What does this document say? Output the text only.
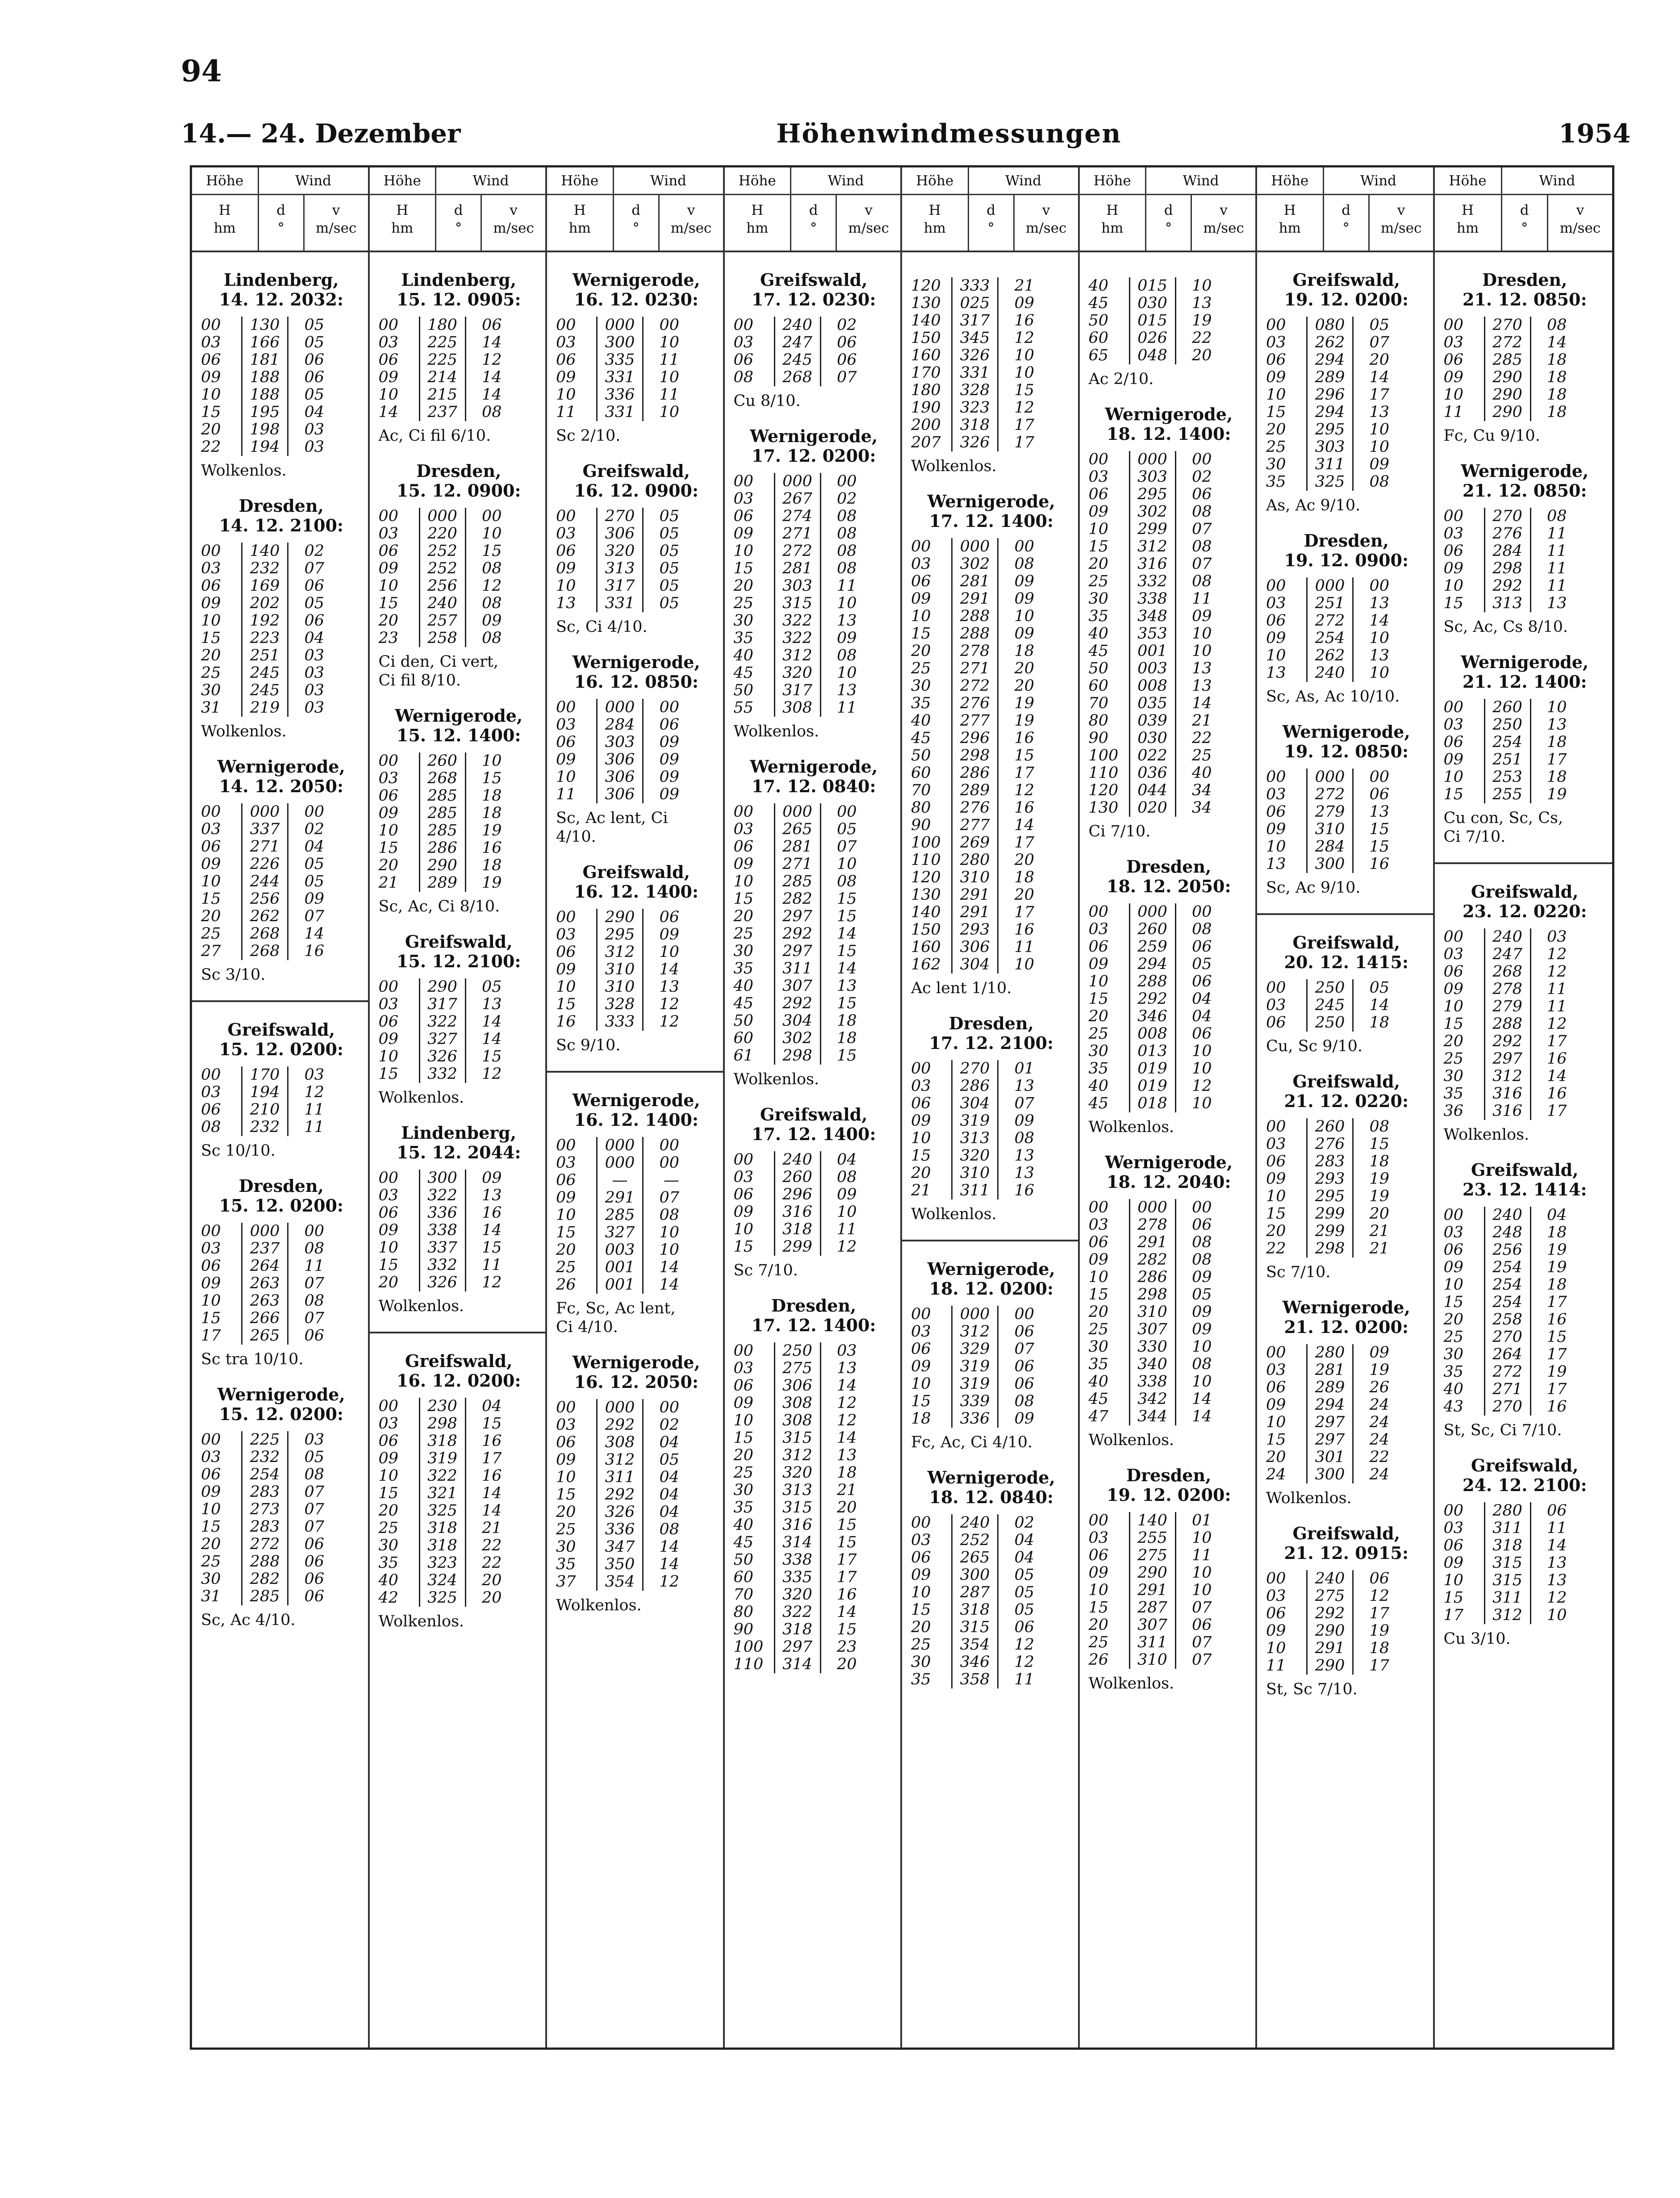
94
14.— 24. Dezember	Höhenwindmessungen	1954
Höhe	Wind
H
hm
d
°
v
m/sec
Lindenberg,
14. 12. 2032:
00	130	05
03	166	05
06	181	06
09	188	06
10	188	05
15	195	04
20	198	03
22	194	03
Wolkenlos.
Dresden,
14. 12. 2100:
00	140	02
03	232	07
06	169	06
09	202	05
10	192	06
15	223	04
20	251	03
25	245	03
30	245	03
31	219	03
Wolkenlos.
Wernigerode,
14. 12. 2050:
00	000	00
03	337	02
06	271	04
09	226	05
10	244	05
15	256	09
20	262	07
25	268	14
27	268	16
Sc 3/10.
Greifswald,
15. 12. 0200:
00	170	03
03	194	12
06	210	11
08	232	11
Sc 10/10.
Dresden,
15. 12. 0200:
00	000	00
03	237	08
06	264	11
09	263	07
10	263	08
15	266	07
17	265	06
Sc tra 10/10.
Wernigerode,
15. 12. 0200:
00	225	03
03	232	05
06	254	08
09	283	07
10	273	07
15	283	07
20	272	06
25	288	06
30	282	06
31	285	06
Sc, Ac 4/10.
Höhe	Wind
H
hm
d
°
v
m/sec
Lindenberg,
15. 12. 0905:
00	180	06
03	225	14
06	225	12
09	214	14
10	215	14
14	237	08
Ac, Ci fil 6/10.
Dresden,
15. 12. 0900:
00	000	00
03	220	10
06	252	15
09	252	08
10	256	12
15	240	08
20	257	09
23	258	08
Ci den, Ci vert,
Ci fil 8/10.
Wernigerode,
15. 12. 1400:
00	260	10
03	268	15
06	285	18
09	285	18
10	285	19
15	286	16
20	290	18
21	289	19
Sc, Ac, Ci 8/10.
Greifswald,
15. 12. 2100:
00	290	05
03	317	13
06	322	14
09	327	14
10	326	15
15	332	12
Wolkenlos.
Lindenberg,
15. 12. 2044:
00	300	09
03	322	13
06	336	16
09	338	14
10	337	15
15	332	11
20	326	12
Wolkenlos.
Greifswald,
16. 12. 0200:
00	230	04
03	298	15
06	318	16
09	319	17
10	322	16
15	321	14
20	325	14
25	318	21
30	318	22
35	323	22
40	324	20
42	325	20
Wolkenlos.
Höhe	Wind
H
hm
d
°
v
m/sec
Wernigerode,
16. 12. 0230:
00	000	00
03	300	10
06	335	11
09	331	10
10	336	11
11	331	10
Sc 2/10.
Greifswald,
16. 12. 0900:
00	270	05
03	306	05
06	320	05
09	313	05
10	317	05
13	331	05
Sc, Ci 4/10.
Wernigerode,
16. 12. 0850:
00	000	00
03	284	06
06	303	09
09	306	09
10	306	09
11	306	09
Sc, Ac lent, Ci
4/10.
Greifswald,
16. 12. 1400:
00	290	06
03	295	09
06	312	10
09	310	14
10	310	13
15	328	12
16	333	12
Sc 9/10.
Wernigerode,
16. 12. 1400:
00	000	00
03	000	00
06	—	—
09	291	07
10	285	08
15	327	10
20	003	10
25	001	14
26	001	14
Fc, Sc, Ac lent,
Ci 4/10.
Wernigerode,
16. 12. 2050:
00	000	00
03	292	02
06	308	04
09	312	05
10	311	04
15	292	04
20	326	04
25	336	08
30	347	14
35	350	14
37	354	12
Wolkenlos.
Höhe	Wind
H
hm
d
°
v
m/sec
Greifswald,
17. 12. 0230:
00	240	02
03	247	06
06	245	06
08	268	07
Cu 8/10.
Wernigerode,
17. 12. 0200:
00	000	00
03	267	02
06	274	08
09	271	08
10	272	08
15	281	08
20	303	11
25	315	10
30	322	13
35	322	09
40	312	08
45	320	10
50	317	13
55	308	11
Wolkenlos.
Wernigerode,
17. 12. 0840:
00	000	00
03	265	05
06	281	07
09	271	10
10	285	08
15	282	15
20	297	15
25	292	14
30	297	15
35	311	14
40	307	13
45	292	15
50	304	18
60	302	18
61	298	15
Wolkenlos.
Greifswald,
17. 12. 1400:
00	240	04
03	260	08
06	296	09
09	316	10
10	318	11
15	299	12
Sc 7/10.
Dresden,
17. 12. 1400:
00	250	03
03	275	13
06	306	14
09	308	12
10	308	12
15	315	14
20	312	13
25	320	18
30	313	21
35	315	20
40	316	15
45	314	15
50	338	17
60	335	17
70	320	16
80	322	14
90	318	15
100	297	23
110	314	20
Höhe	Wind
H
hm
d
°
v
m/sec
120	333	21
130	025	09
140	317	16
150	345	12
160	326	10
170	331	10
180	328	15
190	323	12
200	318	17
207	326	17
Wolkenlos.
Wernigerode,
17. 12. 1400:
00	000	00
03	302	08
06	281	09
09	291	09
10	288	10
15	288	09
20	278	18
25	271	20
30	272	20
35	276	19
40	277	19
45	296	16
50	298	15
60	286	17
70	289	12
80	276	16
90	277	14
100	269	17
110	280	20
120	310	18
130	291	20
140	291	17
150	293	16
160	306	11
162	304	10
Ac lent 1/10.
Dresden,
17. 12. 2100:
00	270	01
03	286	13
06	304	07
09	319	09
10	313	08
15	320	13
20	310	13
21	311	16
Wolkenlos.
Wernigerode,
18. 12. 0200:
00	000	00
03	312	06
06	329	07
09	319	06
10	319	06
15	339	08
18	336	09
Fc, Ac, Ci 4/10.
Wernigerode,
18. 12. 0840:
00	240	02
03	252	04
06	265	04
09	300	05
10	287	05
15	318	05
20	315	06
25	354	12
30	346	12
35	358	11
Höhe	Wind
H
hm
d
°
v
m/sec
40	015	10
45	030	13
50	015	19
60	026	22
65	048	20
Ac 2/10.
Wernigerode,
18. 12. 1400:
00	000	00
03	303	02
06	295	06
09	302	08
10	299	07
15	312	08
20	316	07
25	332	08
30	338	11
35	348	09
40	353	10
45	001	10
50	003	13
60	008	13
70	035	14
80	039	21
90	030	22
100	022	25
110	036	40
120	044	34
130	020	34
Ci 7/10.
Dresden,
18. 12. 2050:
00	000	00
03	260	08
06	259	06
09	294	05
10	288	06
15	292	04
20	346	04
25	008	06
30	013	10
35	019	10
40	019	12
45	018	10
Wolkenlos.
Wernigerode,
18. 12. 2040:
00	000	00
03	278	06
06	291	08
09	282	08
10	286	09
15	298	05
20	310	09
25	307	09
30	330	10
35	340	08
40	338	10
45	342	14
47	344	14
Wolkenlos.
Dresden,
19. 12. 0200:
00	140	01
03	255	10
06	275	11
09	290	10
10	291	10
15	287	07
20	307	06
25	311	07
26	310	07
Wolkenlos.
Höhe	Wind
H
hm
d
°
v
m/sec
Greifswald,
19. 12. 0200:
00	080	05
03	262	07
06	294	20
09	289	14
10	296	17
15	294	13
20	295	10
25	303	10
30	311	09
35	325	08
As, Ac 9/10.
Dresden,
19. 12. 0900:
00	000	00
03	251	13
06	272	14
09	254	10
10	262	13
13	240	10
Sc, As, Ac 10/10.
Wernigerode,
19. 12. 0850:
00	000	00
03	272	06
06	279	13
09	310	15
10	284	15
13	300	16
Sc, Ac 9/10.
Greifswald,
20. 12. 1415:
00	250	05
03	245	14
06	250	18
Cu, Sc 9/10.
Greifswald,
21. 12. 0220:
00	260	08
03	276	15
06	283	18
09	293	19
10	295	19
15	299	20
20	299	21
22	298	21
Sc 7/10.
Wernigerode,
21. 12. 0200:
00	280	09
03	281	19
06	289	26
09	294	24
10	297	24
15	297	24
20	301	22
24	300	24
Wolkenlos.
Greifswald,
21. 12. 0915:
00	240	06
03	275	12
06	292	17
09	290	19
10	291	18
11	290	17
St, Sc 7/10.
Höhe	Wind
H
hm
d
°
v
m/sec
Dresden,
21. 12. 0850:
00	270	08
03	272	14
06	285	18
09	290	18
10	290	18
11	290	18
Fc, Cu 9/10.
Wernigerode,
21. 12. 0850:
00	270	08
03	276	11
06	284	11
09	298	11
10	292	11
15	313	13
Sc, Ac, Cs 8/10.
Wernigerode,
21. 12. 1400:
00	260	10
03	250	13
06	254	18
09	251	17
10	253	18
15	255	19
Cu con, Sc, Cs,
Ci 7/10.
Greifswald,
23. 12. 0220:
00	240	03
03	247	12
06	268	12
09	278	11
10	279	11
15	288	12
20	292	17
25	297	16
30	312	14
35	316	16
36	316	17
Wolkenlos.
Greifswald,
23. 12. 1414:
00	240	04
03	248	18
06	256	19
09	254	19
10	254	18
15	254	17
20	258	16
25	270	15
30	264	17
35	272	19
40	271	17
43	270	16
St, Sc, Ci 7/10.
Greifswald,
24. 12. 2100:
00	280	06
03	311	11
06	318	14
09	315	13
10	315	13
15	311	12
17	312	10
Cu 3/10.
